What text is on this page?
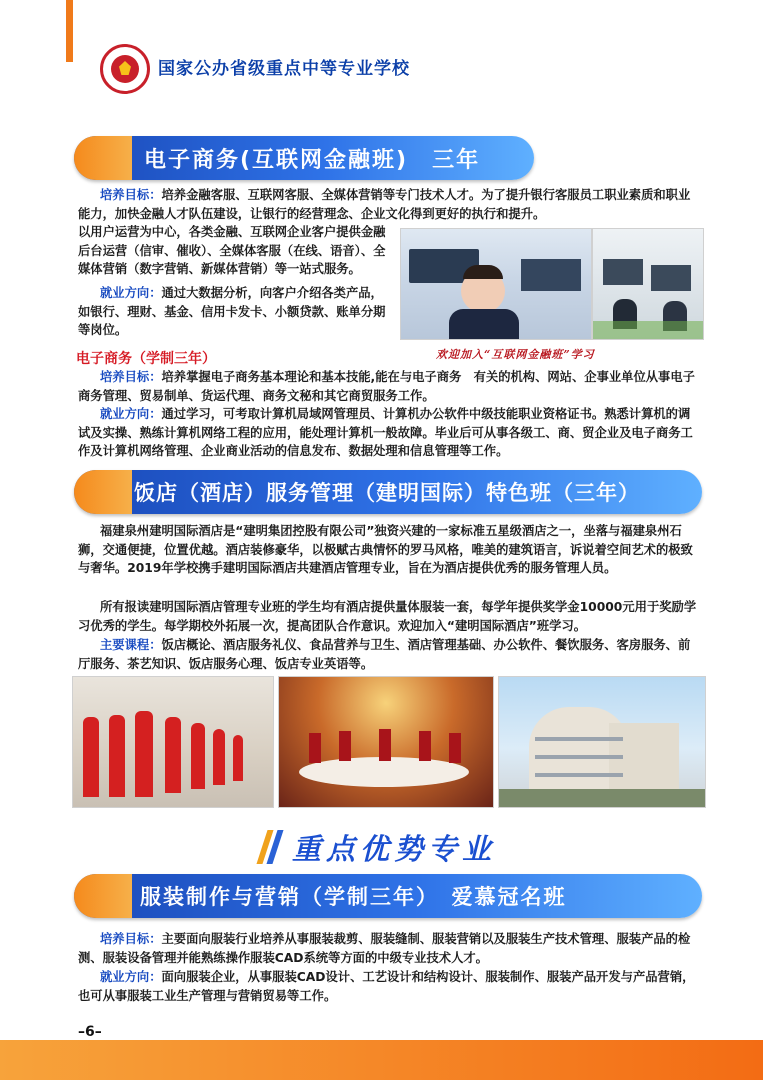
国家公办省级重点中等专业学校
电子商务(互联网金融班)　三年

培养目标：培养金融客服、互联网客服、全媒体营销等专门技术人才。为了提升银行客服员工职业素质和职业能力，加快金融人才队伍建设，让银行的经营理念、企业文化得到更好的执行和提升。

以用户运营为中心，各类金融、互联网企业客户提供金融后台运营（信审、催收）、全媒体客服（在线、语音）、全媒体营销（数字营销、新媒体营销）等一站式服务。

欢迎加入“互联网金融班”学习

就业方向：通过大数据分析，向客户介绍各类产品，如银行、理财、基金、信用卡发卡、小额贷款、账单分期等岗位。

电子商务（学制三年）

培养目标：培养掌握电子商务基本理论和基本技能,能在与电子商务　有关的机构、网站、企事业单位从事电子商务管理、贸易制单、货运代理、商务文秘和其它商贸服务工作。

就业方向：通过学习，可考取计算机局域网管理员、计算机办公软件中级技能职业资格证书。熟悉计算机的调试及实操、熟练计算机网络工程的应用，能处理计算机一般故障。毕业后可从事各级工、商、贸企业及电子商务工作及计算机网络管理、企业商业活动的信息发布、数据处理和信息管理等工作。

饭店（酒店）服务管理（建明国际）特色班（三年）

福建泉州建明国际酒店是“建明集团控股有限公司”独资兴建的一家标准五星级酒店之一，坐落与福建泉州石狮，交通便捷，位置优越。酒店装修豪华，以极赋古典情怀的罗马风格，唯美的建筑语言，诉说着空间艺术的极致与奢华。2019年学校携手建明国际酒店共建酒店管理专业，旨在为酒店提供优秀的服务管理人员。

所有报读建明国际酒店管理专业班的学生均有酒店提供量体服装一套，每学年提供奖学金10000元用于奖励学习优秀的学生。每学期校外拓展一次，提高团队合作意识。欢迎加入“建明国际酒店”班学习。

主要课程：饭店概论、酒店服务礼仪、食品营养与卫生、酒店管理基础、办公软件、餐饮服务、客房服务、前厅服务、茶艺知识、饭店服务心理、饭店专业英语等。

重点优势专业
服装制作与营销（学制三年）　爱慕冠名班

培养目标：主要面向服装行业培养从事服装裁剪、服装缝制、服装营销以及服装生产技术管理、服装产品的检测、服装设备管理并能熟练操作服装CAD系统等方面的中级专业技术人才。

就业方向：面向服装企业，从事服装CAD设计、工艺设计和结构设计、服装制作、服装产品开发与产品营销，也可从事服装工业生产管理与营销贸易等工作。

–6–
